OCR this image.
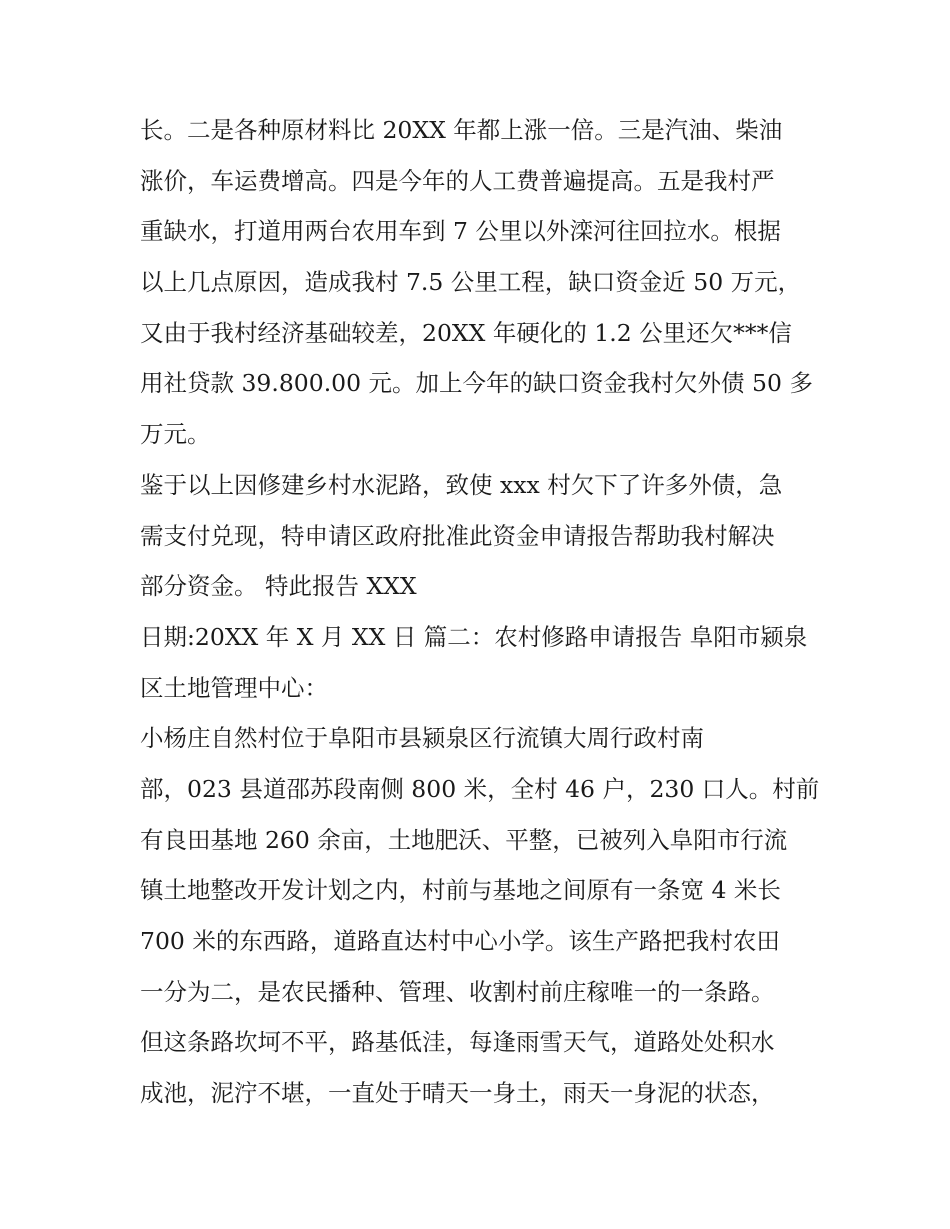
长。二是各种原材料比 20XX 年都上涨一倍。三是汽油、柴油
涨价，车运费增高。四是今年的人工费普遍提高。五是我村严
重缺水，打道用两台农用车到 7 公里以外滦河往回拉水。根据
以上几点原因，造成我村 7.5 公里工程，缺口资金近 50 万元，
又由于我村经济基础较差，20XX 年硬化的 1.2 公里还欠***信
用社贷款 39.800.00 元。加上今年的缺口资金我村欠外债 50 多
万元。
鉴于以上因修建乡村水泥路，致使 xxx 村欠下了许多外债，急
需支付兑现，特申请区政府批准此资金申请报告帮助我村解决
部分资金。 特此报告 XXX
日期:20XX 年 X 月 XX 日 篇二：农村修路申请报告 阜阳市颍泉
区土地管理中心：
小杨庄自然村位于阜阳市县颍泉区行流镇大周行政村南
部，023 县道邵苏段南侧 800 米，全村 46 户，230 口人。村前
有良田基地 260 余亩，土地肥沃、平整，已被列入阜阳市行流
镇土地整改开发计划之内，村前与基地之间原有一条宽 4 米长
700 米的东西路，道路直达村中心小学。该生产路把我村农田
一分为二，是农民播种、管理、收割村前庄稼唯一的一条路。
但这条路坎坷不平，路基低洼，每逢雨雪天气，道路处处积水
成池，泥泞不堪，一直处于晴天一身土，雨天一身泥的状态，
